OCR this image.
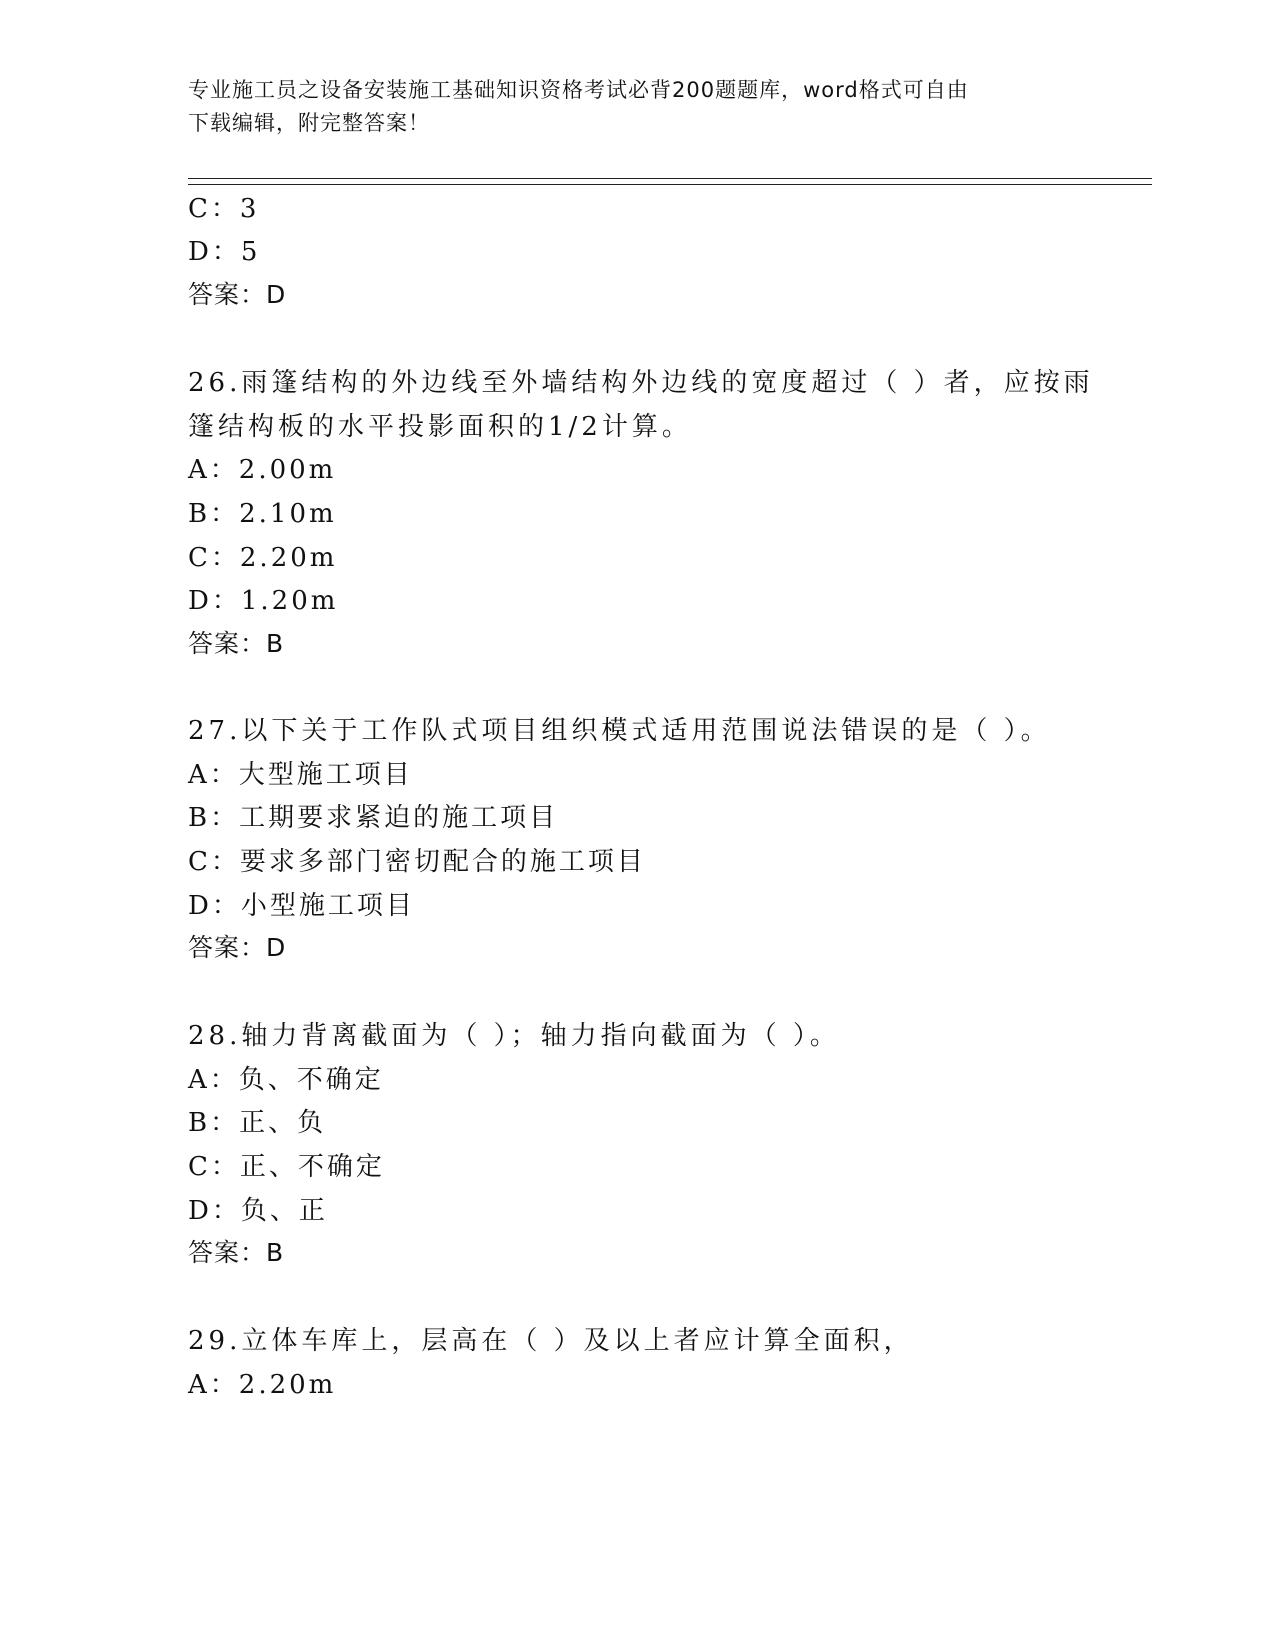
专业施工员之设备安装施工基础知识资格考试必背200题题库，word格式可自由
下载编辑，附完整答案！
C：3
D：5
答案：D
26.雨篷结构的外边线至外墙结构外边线的宽度超过（ ）者，应按雨
篷结构板的水平投影面积的1/2计算。
A：2.00m
B：2.10m
C：2.20m
D：1.20m
答案：B
27.以下关于工作队式项目组织模式适用范围说法错误的是（ ）。
A：大型施工项目
B：工期要求紧迫的施工项目
C：要求多部门密切配合的施工项目
D：小型施工项目
答案：D
28.轴力背离截面为（ ）；轴力指向截面为（ ）。
A：负、不确定
B：正、负
C：正、不确定
D：负、正
答案：B
29.立体车库上，层高在（ ）及以上者应计算全面积，
A：2.20m
